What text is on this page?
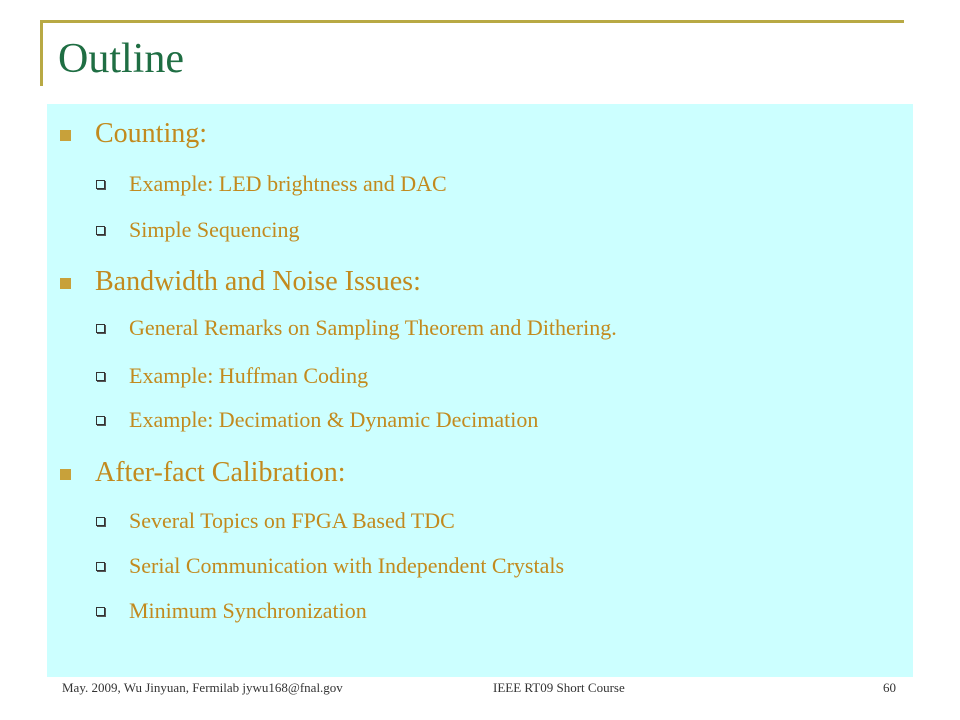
Outline
Counting:
Example: LED brightness and DAC
Simple Sequencing
Bandwidth and Noise Issues:
General Remarks on Sampling Theorem and Dithering.
Example: Huffman Coding
Example: Decimation & Dynamic Decimation
After-fact Calibration:
Several Topics on FPGA Based TDC
Serial Communication with Independent Crystals
Minimum Synchronization
May. 2009, Wu Jinyuan, Fermilab jywu168@fnal.gov	IEEE RT09 Short Course	60
